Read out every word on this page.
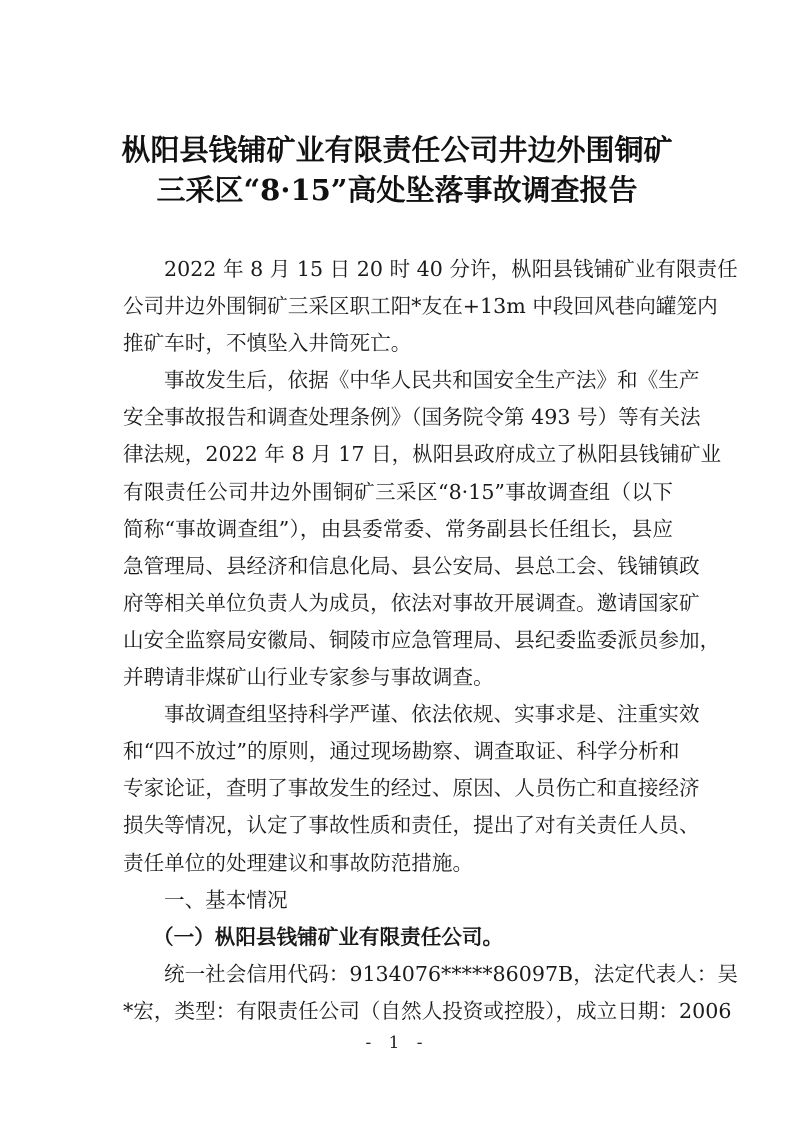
枞阳县钱铺矿业有限责任公司井边外围铜矿
三采区“8·15”高处坠落事故调查报告
2022 年 8 月 15 日 20 时 40 分许，枞阳县钱铺矿业有限责任
公司井边外围铜矿三采区职工阳*友在+13m 中段回风巷向罐笼内
推矿车时，不慎坠入井筒死亡。
事故发生后，依据《中华人民共和国安全生产法》和《生产
安全事故报告和调查处理条例》（国务院令第 493 号）等有关法
律法规，2022 年 8 月 17 日，枞阳县政府成立了枞阳县钱铺矿业
有限责任公司井边外围铜矿三采区“8·15”事故调查组（以下
简称“事故调查组”），由县委常委、常务副县长任组长，县应
急管理局、县经济和信息化局、县公安局、县总工会、钱铺镇政
府等相关单位负责人为成员，依法对事故开展调查。邀请国家矿
山安全监察局安徽局、铜陵市应急管理局、县纪委监委派员参加，
并聘请非煤矿山行业专家参与事故调查。
事故调查组坚持科学严谨、依法依规、实事求是、注重实效
和“四不放过”的原则，通过现场勘察、调查取证、科学分析和
专家论证，查明了事故发生的经过、原因、人员伤亡和直接经济
损失等情况，认定了事故性质和责任，提出了对有关责任人员、
责任单位的处理建议和事故防范措施。
一、基本情况
（一）枞阳县钱铺矿业有限责任公司。
统一社会信用代码：9134076*****86097B，法定代表人：吴
*宏，类型：有限责任公司（自然人投资或控股），成立日期：2006
- 1 -
